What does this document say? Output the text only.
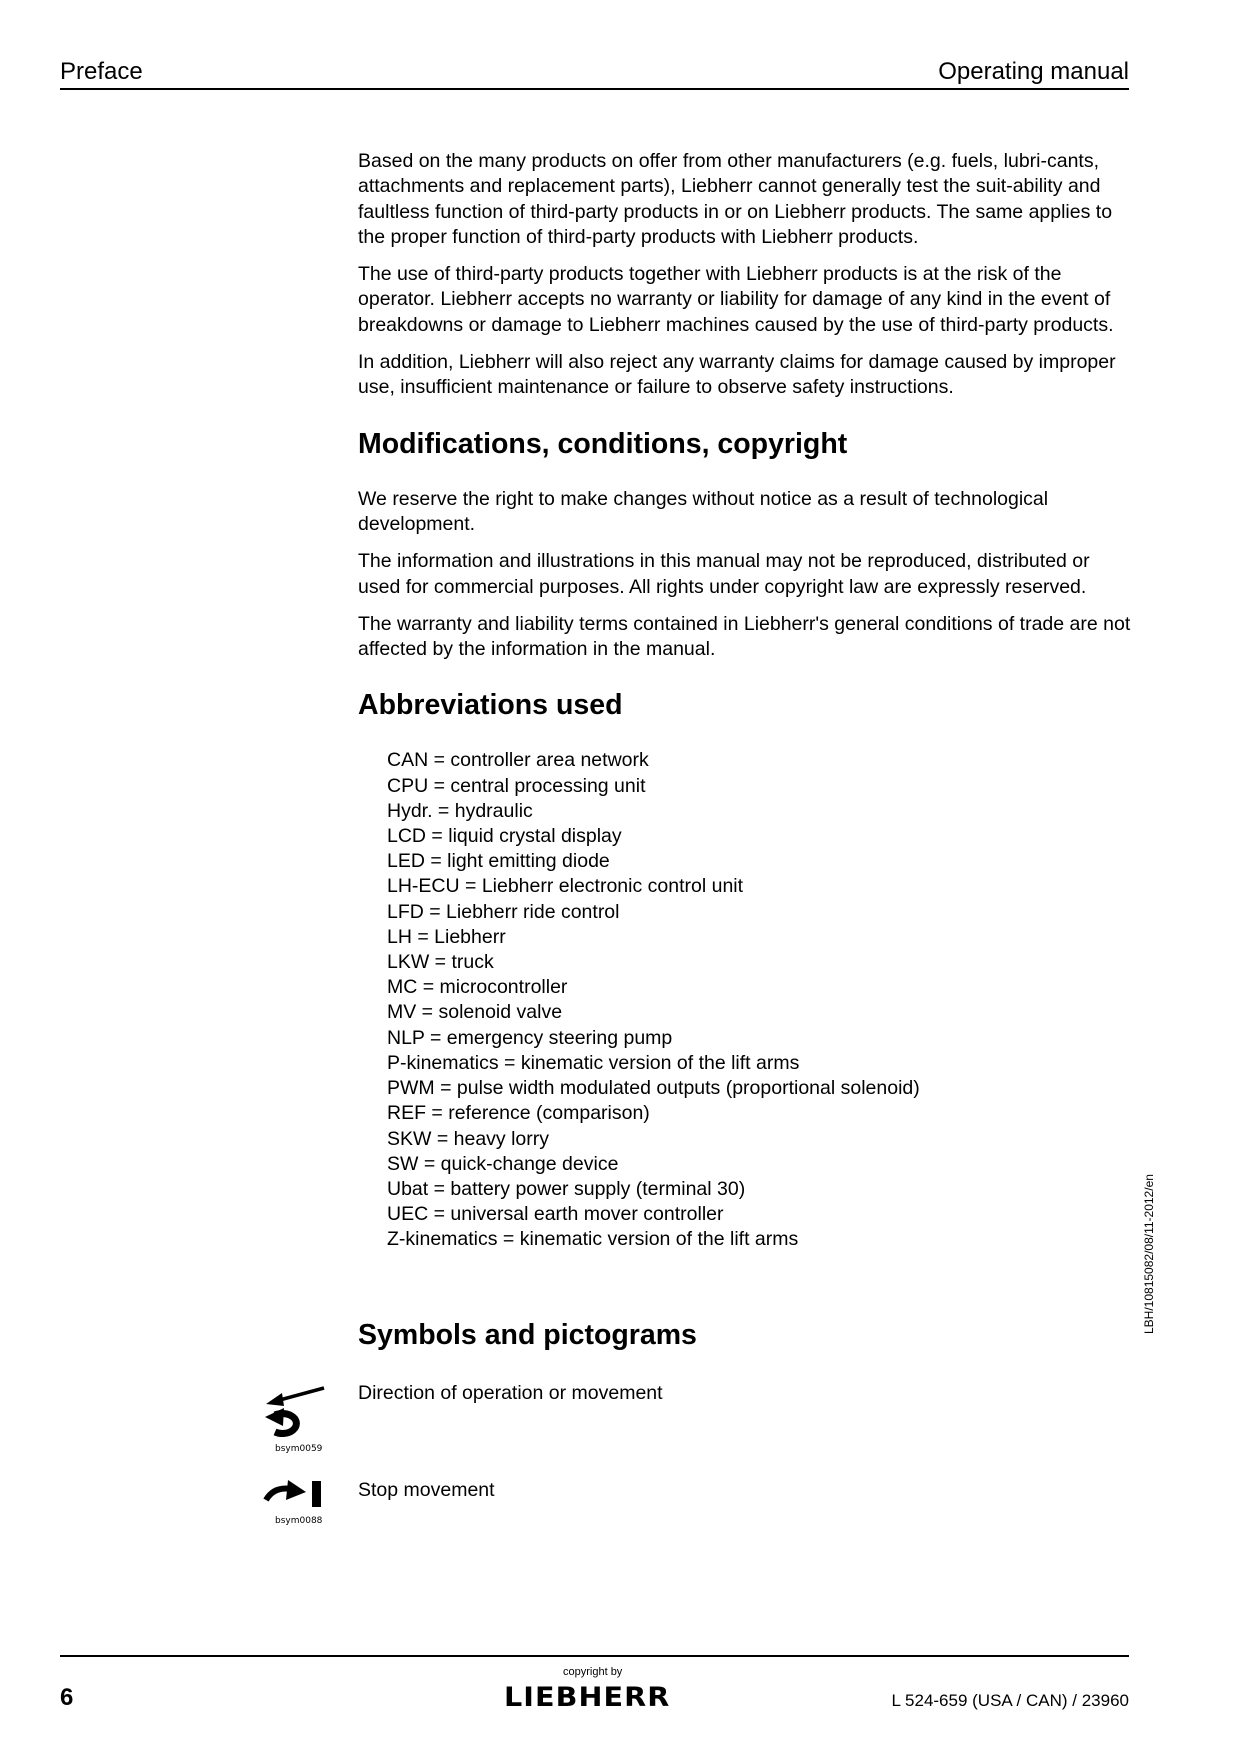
Preface	Operating manual

Based on the many products on offer from other manufacturers (e.g. fuels, lubri-cants, attachments and replacement parts), Liebherr cannot generally test the suit-ability and faultless function of third-party products in or on Liebherr products. The same applies to the proper function of third-party products with Liebherr products.

The use of third-party products together with Liebherr products is at the risk of the operator. Liebherr accepts no warranty or liability for damage of any kind in the event of breakdowns or damage to Liebherr machines caused by the use of third-party products.

In addition, Liebherr will also reject any warranty claims for damage caused by improper use, insufficient maintenance or failure to observe safety instructions.

Modifications, conditions, copyright

We reserve the right to make changes without notice as a result of technological development.

The information and illustrations in this manual may not be reproduced, distributed or used for commercial purposes. All rights under copyright law are expressly reserved.

The warranty and liability terms contained in Liebherr's general conditions of trade are not affected by the information in the manual.

Abbreviations used
CAN = controller area network
CPU = central processing unit
Hydr. = hydraulic
LCD = liquid crystal display
LED = light emitting diode
LH-ECU = Liebherr electronic control unit
LFD = Liebherr ride control
LH = Liebherr
LKW = truck
MC = microcontroller
MV = solenoid valve
NLP = emergency steering pump
P-kinematics = kinematic version of the lift arms
PWM = pulse width modulated outputs (proportional solenoid)
REF = reference (comparison)
SKW = heavy lorry
SW = quick-change device
Ubat = battery power supply (terminal 30)
UEC = universal earth mover controller
Z-kinematics = kinematic version of the lift arms
Symbols and pictograms
Direction of operation or movement
bsym0059
Stop movement
bsym0088
LBH/10815082/08/11-2012/en
6
copyright by
LIEBHERR	L 524-659 (USA / CAN) / 23960
